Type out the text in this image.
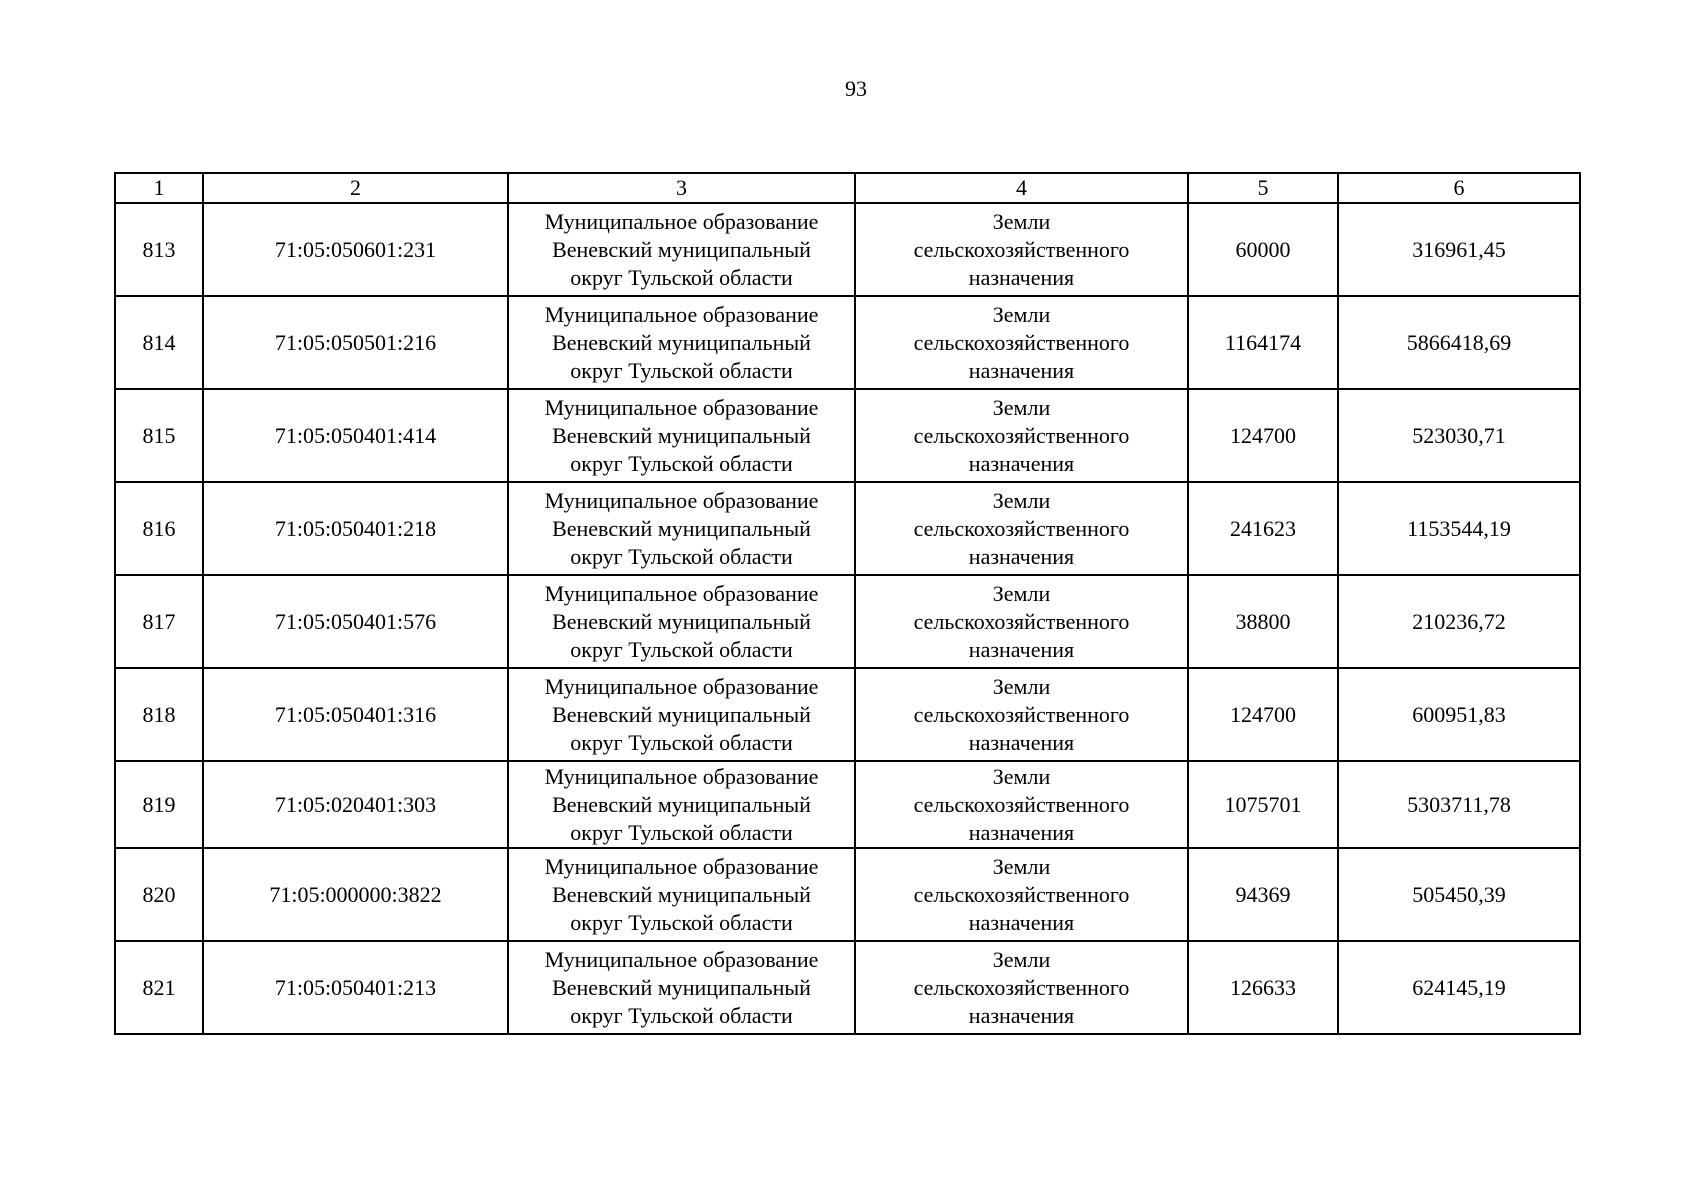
93
1	2	3	4	5	6
813	71:05:050601:231	Муниципальное образование
Веневский муниципальный
округ Тульской области	Земли
сельскохозяйственного
назначения	60000	316961,45
814	71:05:050501:216	Муниципальное образование
Веневский муниципальный
округ Тульской области	Земли
сельскохозяйственного
назначения	1164174	5866418,69
815	71:05:050401:414	Муниципальное образование
Веневский муниципальный
округ Тульской области	Земли
сельскохозяйственного
назначения	124700	523030,71
816	71:05:050401:218	Муниципальное образование
Веневский муниципальный
округ Тульской области	Земли
сельскохозяйственного
назначения	241623	1153544,19
817	71:05:050401:576	Муниципальное образование
Веневский муниципальный
округ Тульской области	Земли
сельскохозяйственного
назначения	38800	210236,72
818	71:05:050401:316	Муниципальное образование
Веневский муниципальный
округ Тульской области	Земли
сельскохозяйственного
назначения	124700	600951,83
819	71:05:020401:303	Муниципальное образование
Веневский муниципальный
округ Тульской области	Земли
сельскохозяйственного
назначения	1075701	5303711,78
820	71:05:000000:3822	Муниципальное образование
Веневский муниципальный
округ Тульской области	Земли
сельскохозяйственного
назначения	94369	505450,39
821	71:05:050401:213	Муниципальное образование
Веневский муниципальный
округ Тульской области	Земли
сельскохозяйственного
назначения	126633	624145,19
